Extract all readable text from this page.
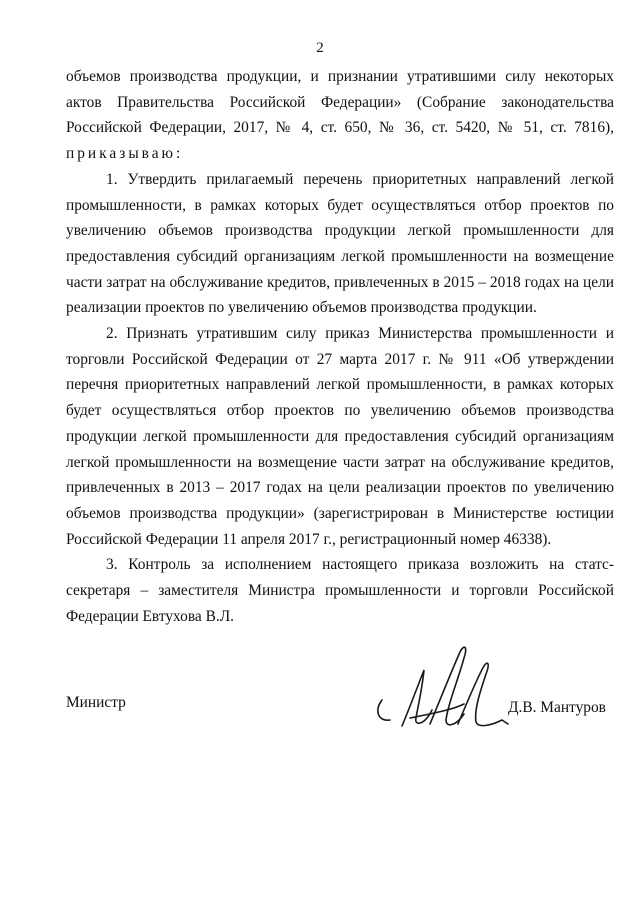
2

объемов производства продукции, и признании утратившими силу некоторых актов Правительства Российской Федерации» (Собрание законодательства Российской Федерации, 2017, № 4, ст. 650, № 36, ст. 5420, № 51, ст. 7816), приказываю:

1. Утвердить прилагаемый перечень приоритетных направлений легкой промышленности, в рамках которых будет осуществляться отбор проектов по увеличению объемов производства продукции легкой промышленности для предоставления субсидий организациям легкой промышленности на возмещение части затрат на обслуживание кредитов, привлеченных в 2015 – 2018 годах на цели реализации проектов по увеличению объемов производства продукции.

2. Признать утратившим силу приказ Министерства промышленности и торговли Российской Федерации от 27 марта 2017 г. № 911 «Об утверждении перечня приоритетных направлений легкой промышленности, в рамках которых будет осуществляться отбор проектов по увеличению объемов производства продукции легкой промышленности для предоставления субсидий организациям легкой промышленности на возмещение части затрат на обслуживание кредитов, привлеченных в 2013 – 2017 годах на цели реализации проектов по увеличению объемов производства продукции» (зарегистрирован в Министерстве юстиции Российской Федерации 11 апреля 2017 г., регистрационный номер 46338).

3. Контроль за исполнением настоящего приказа возложить на статс-секретаря – заместителя Министра промышленности и торговли Российской Федерации Евтухова В.Л.

Министр	Д.В. Мантуров
